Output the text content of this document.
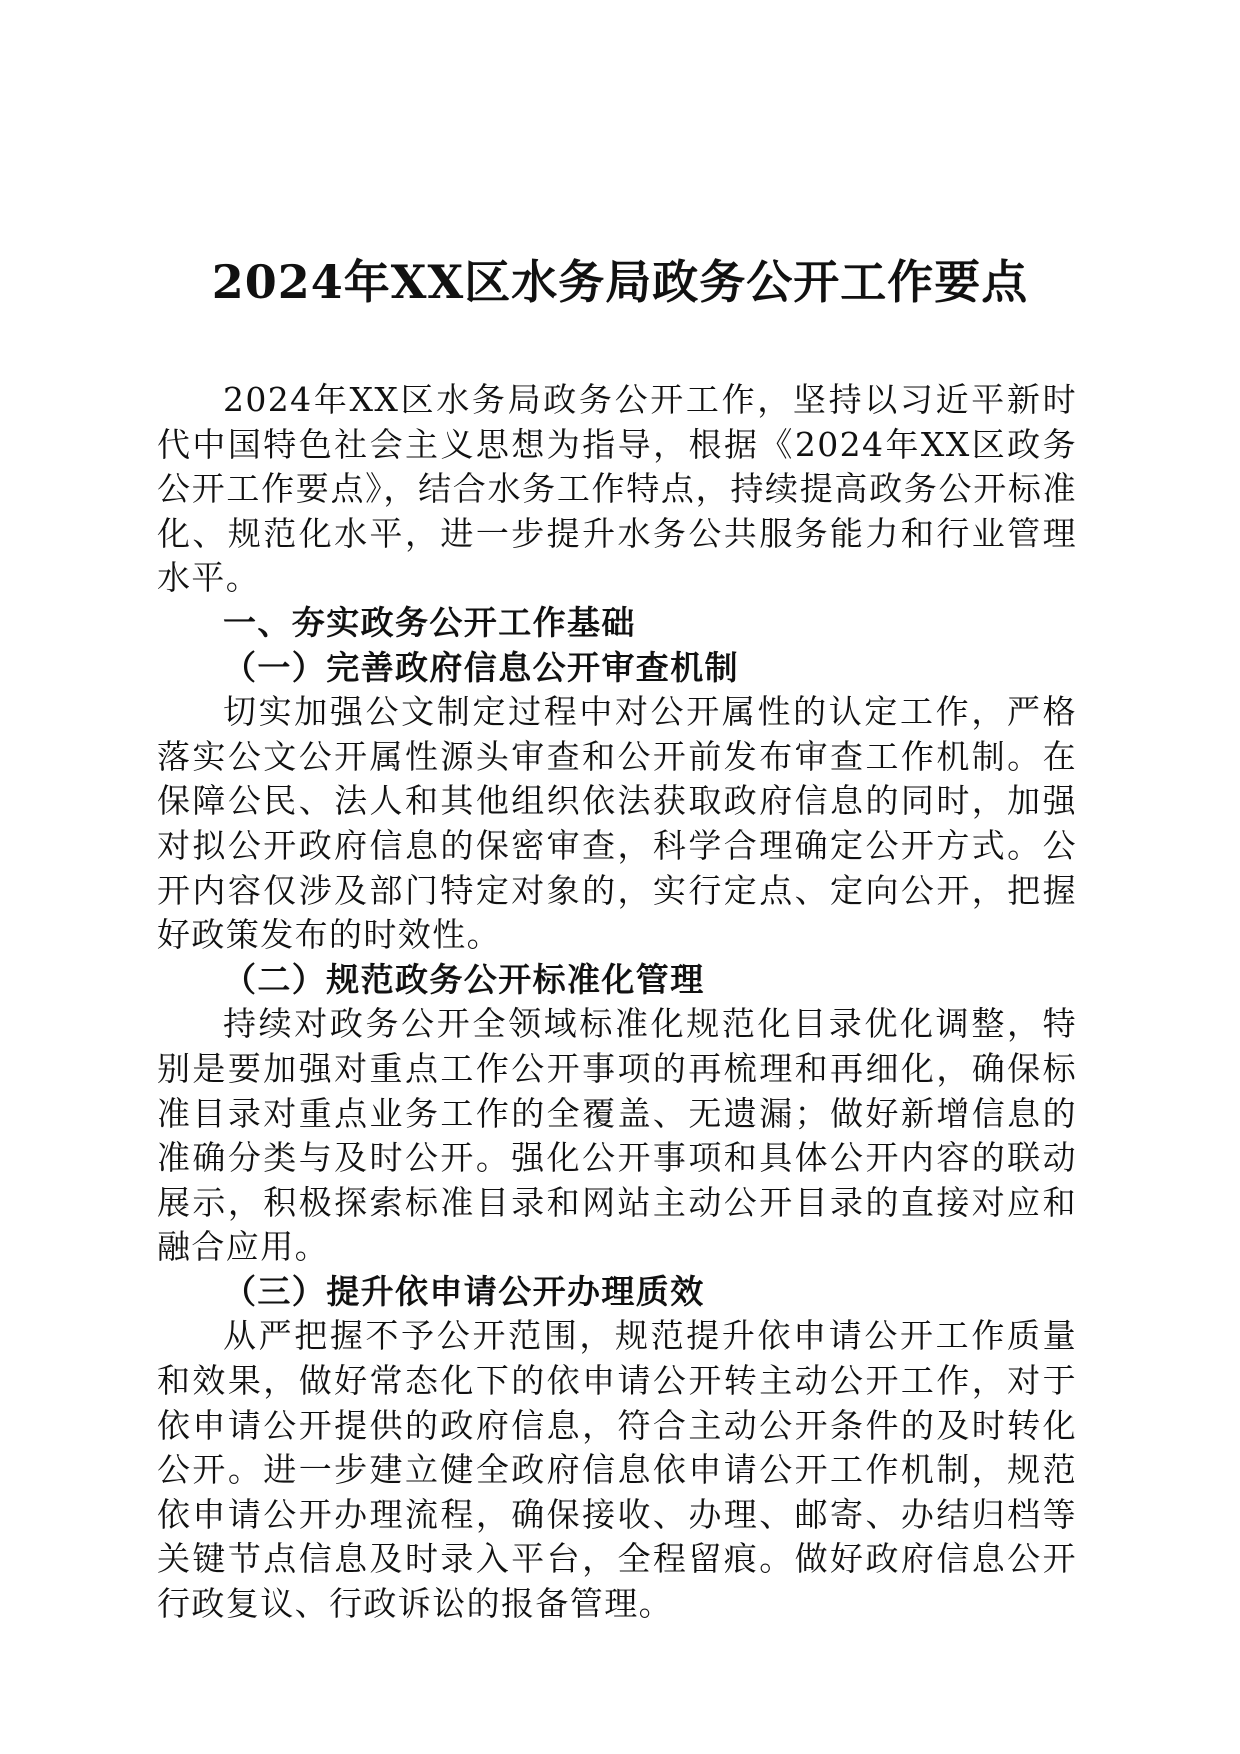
2024年XX区水务局政务公开工作要点

2024年XX区水务局政务公开工作，坚持以习近平新时代中国特色社会主义思想为指导，根据《2024年XX区政务公开工作要点》，结合水务工作特点，持续提高政务公开标准化、规范化水平，进一步提升水务公共服务能力和行业管理水平。

一、夯实政务公开工作基础

（一）完善政府信息公开审查机制

切实加强公文制定过程中对公开属性的认定工作，严格落实公文公开属性源头审查和公开前发布审查工作机制。在保障公民、法人和其他组织依法获取政府信息的同时，加强对拟公开政府信息的保密审查，科学合理确定公开方式。公开内容仅涉及部门特定对象的，实行定点、定向公开，把握好政策发布的时效性。

（二）规范政务公开标准化管理

持续对政务公开全领域标准化规范化目录优化调整，特别是要加强对重点工作公开事项的再梳理和再细化，确保标准目录对重点业务工作的全覆盖、无遗漏；做好新增信息的准确分类与及时公开。强化公开事项和具体公开内容的联动展示，积极探索标准目录和网站主动公开目录的直接对应和融合应用。

（三）提升依申请公开办理质效

从严把握不予公开范围，规范提升依申请公开工作质量和效果，做好常态化下的依申请公开转主动公开工作，对于依申请公开提供的政府信息，符合主动公开条件的及时转化公开。进一步建立健全政府信息依申请公开工作机制，规范依申请公开办理流程，确保接收、办理、邮寄、办结归档等关键节点信息及时录入平台，全程留痕。做好政府信息公开行政复议、行政诉讼的报备管理。
